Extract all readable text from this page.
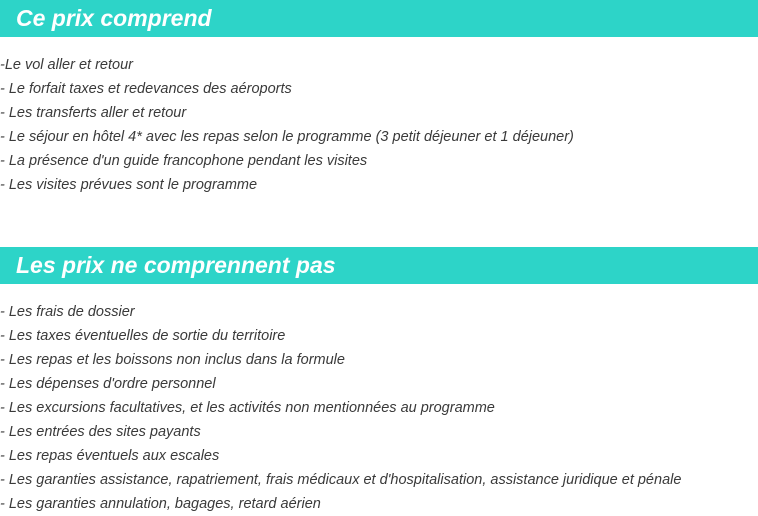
Ce prix comprend
-Le vol aller et retour
- Le forfait taxes et redevances des aéroports
- Les transferts aller et retour
- Le séjour en hôtel 4* avec les repas selon le programme (3 petit déjeuner et 1 déjeuner)
- La présence d'un guide francophone pendant les visites
- Les visites prévues sont le programme
Les prix ne comprennent pas
- Les frais de dossier
- Les taxes éventuelles de sortie du territoire
- Les repas et les boissons non inclus dans la formule
- Les dépenses d'ordre personnel
- Les excursions facultatives, et les activités non mentionnées au programme
- Les entrées des sites payants
- Les repas éventuels aux escales
- Les garanties assistance, rapatriement, frais médicaux et d'hospitalisation, assistance juridique et pénale
- Les garanties annulation, bagages, retard aérien
